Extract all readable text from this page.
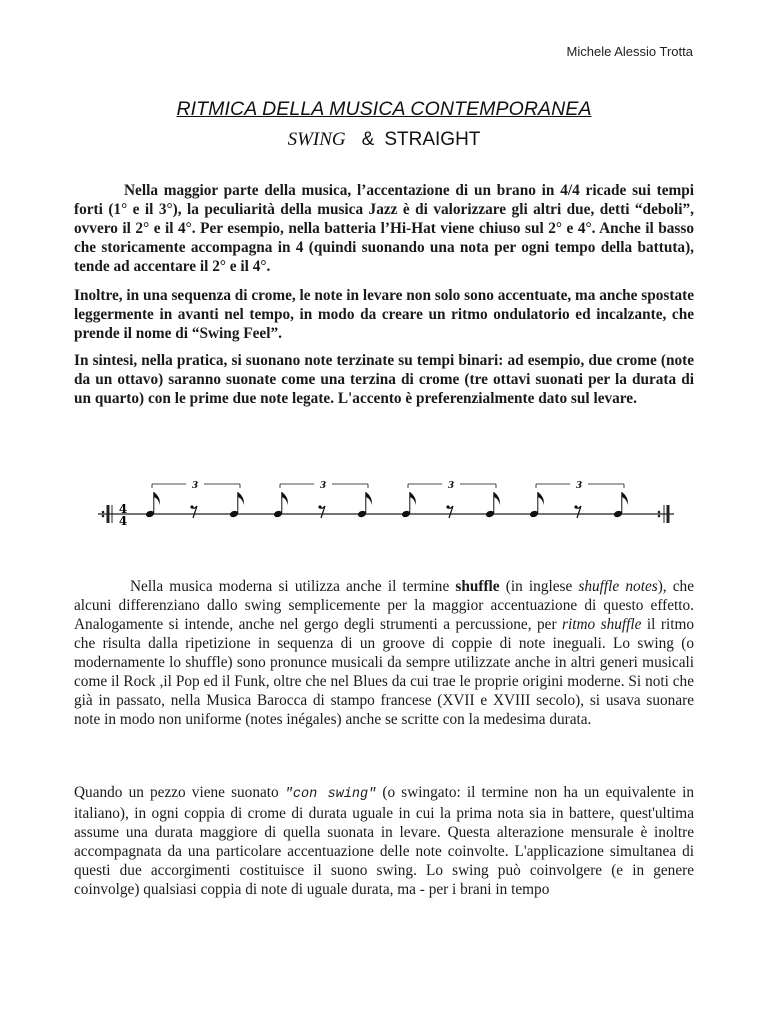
Michele Alessio Trotta
RITMICA DELLA MUSICA CONTEMPORANEA
SWING & STRAIGHT
Nella maggior parte della musica, l’accentazione di un brano in 4/4 ricade sui tempi forti (1° e il 3°), la peculiarità della musica Jazz è di valorizzare gli altri due, detti “deboli”, ovvero il 2° e il 4°. Per esempio, nella batteria l’Hi-Hat viene chiuso sul 2° e 4°. Anche il basso che storicamente accompagna in 4 (quindi suonando una nota per ogni tempo della battuta), tende ad accentare il 2° e il 4°.
Inoltre, in una sequenza di crome, le note in levare non solo sono accentuate, ma anche spostate leggermente in avanti nel tempo, in modo da creare un ritmo ondulatorio ed incalzante, che prende il nome di “Swing Feel”.
In sintesi, nella pratica, si suonano note terzinate su tempi binari: ad esempio, due crome (note da un ottavo) saranno suonate come una terzina di crome (tre ottavi suonati per la durata di un quarto) con le prime due note legate. L'accento è preferenzialmente dato sul levare.
4
4
3	3	3	3
Nella musica moderna si utilizza anche il termine shuffle (in inglese shuffle notes), che alcuni differenziano dallo swing semplicemente per la maggior accentuazione di questo effetto. Analogamente si intende, anche nel gergo degli strumenti a percussione, per ritmo shuffle il ritmo che risulta dalla ripetizione in sequenza di un groove di coppie di note ineguali. Lo swing (o modernamente lo shuffle) sono pronunce musicali da sempre utilizzate anche in altri generi musicali come il Rock ,il Pop ed il Funk, oltre che nel Blues da cui trae le proprie origini moderne. Si noti che già in passato, nella Musica Barocca di stampo francese (XVII e XVIII secolo), si usava suonare note in modo non uniforme (notes inégales) anche se scritte con la medesima durata.
Quando un pezzo viene suonato "con swing" (o swingato: il termine non ha un equivalente in italiano), in ogni coppia di crome di durata uguale in cui la prima nota sia in battere, quest'ultima assume una durata maggiore di quella suonata in levare. Questa alterazione mensurale è inoltre accompagnata da una particolare accentuazione delle note coinvolte. L'applicazione simultanea di questi due accorgimenti costituisce il suono swing. Lo swing può coinvolgere (e in genere coinvolge) qualsiasi coppia di note di uguale durata, ma - per i brani in tempo
